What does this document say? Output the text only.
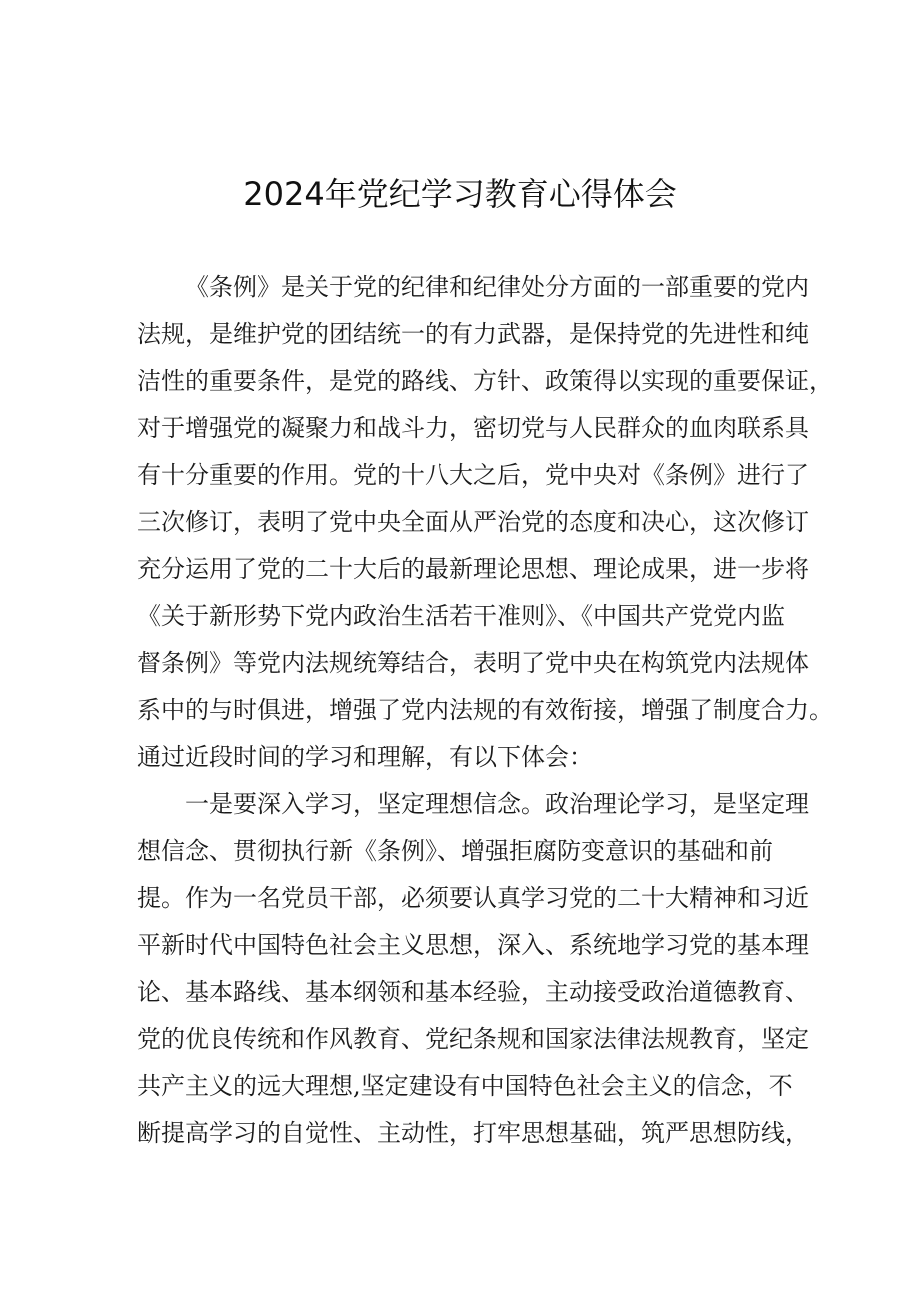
2024年党纪学习教育心得体会
《条例》是关于党的纪律和纪律处分方面的一部重要的党内
法规，是维护党的团结统一的有力武器，是保持党的先进性和纯
洁性的重要条件，是党的路线、方针、政策得以实现的重要保证，
对于增强党的凝聚力和战斗力，密切党与人民群众的血肉联系具
有十分重要的作用。党的十八大之后，党中央对《条例》进行了
三次修订，表明了党中央全面从严治党的态度和决心，这次修订
充分运用了党的二十大后的最新理论思想、理论成果，进一步将
《关于新形势下党内政治生活若干准则》、《中国共产党党内监
督条例》等党内法规统筹结合，表明了党中央在构筑党内法规体
系中的与时俱进，增强了党内法规的有效衔接，增强了制度合力。
通过近段时间的学习和理解，有以下体会：
一是要深入学习，坚定理想信念。政治理论学习，是坚定理
想信念、贯彻执行新《条例》、增强拒腐防变意识的基础和前
提。作为一名党员干部，必须要认真学习党的二十大精神和习近
平新时代中国特色社会主义思想，深入、系统地学习党的基本理
论、基本路线、基本纲领和基本经验，主动接受政治道德教育、
党的优良传统和作风教育、党纪条规和国家法律法规教育，坚定
共产主义的远大理想,坚定建设有中国特色社会主义的信念，不
断提高学习的自觉性、主动性，打牢思想基础，筑严思想防线，
